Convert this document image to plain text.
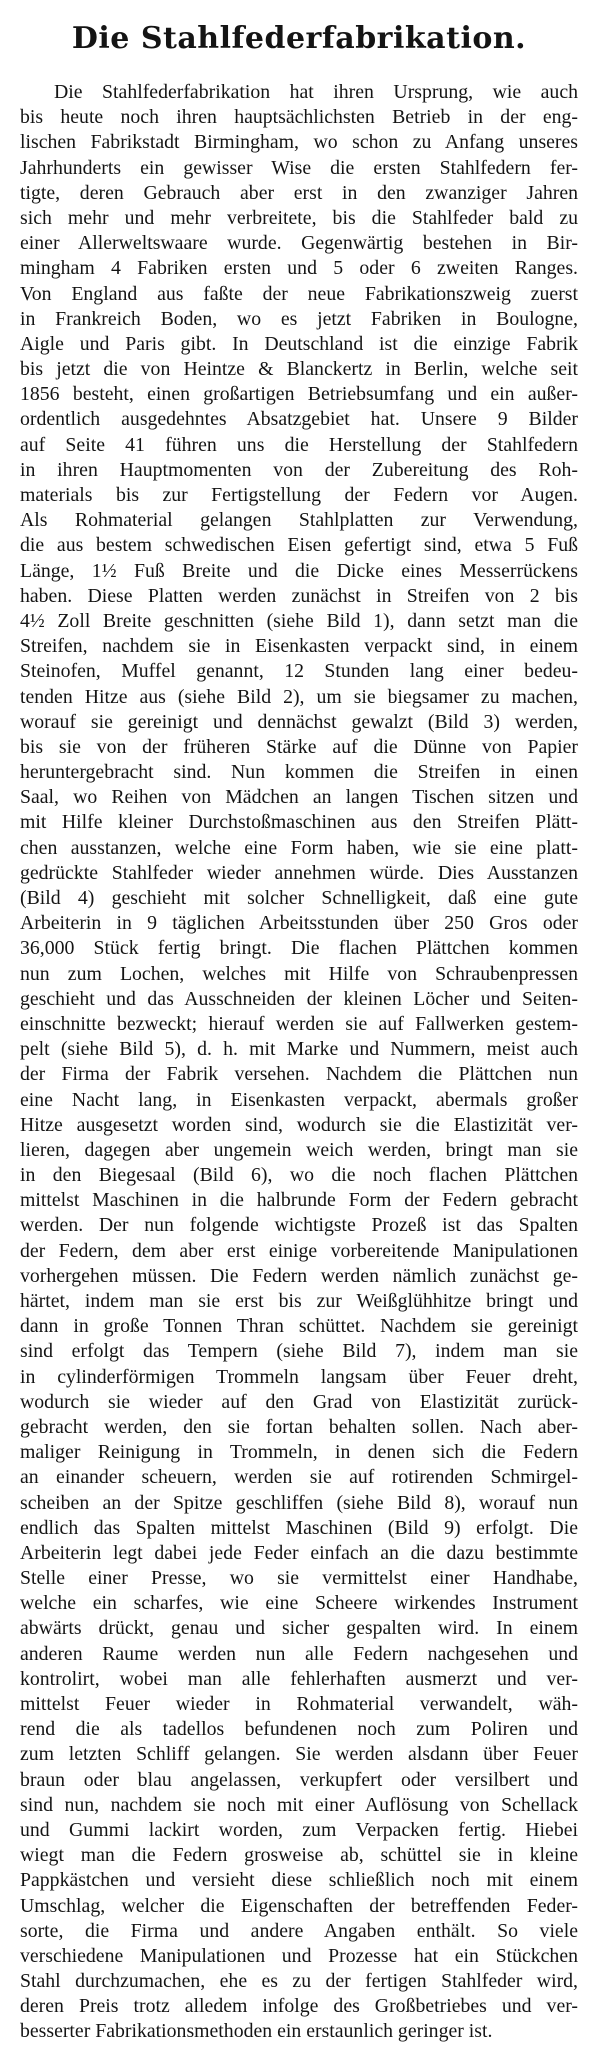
Die Stahlfederfabrikation.
Die Stahlfederfabrikation hat ihren Ursprung, wie auch
bis heute noch ihren hauptsächlichsten Betrieb in der eng-
lischen Fabrikstadt Birmingham, wo schon zu Anfang unseres
Jahrhunderts ein gewisser Wise die ersten Stahlfedern fer-
tigte, deren Gebrauch aber erst in den zwanziger Jahren
sich mehr und mehr verbreitete, bis die Stahlfeder bald zu
einer Allerweltswaare wurde. Gegenwärtig bestehen in Bir-
mingham 4 Fabriken ersten und 5 oder 6 zweiten Ranges.
Von England aus faßte der neue Fabrikationszweig zuerst
in Frankreich Boden, wo es jetzt Fabriken in Boulogne,
Aigle und Paris gibt. In Deutschland ist die einzige Fabrik
bis jetzt die von Heintze & Blanckertz in Berlin, welche seit
1856 besteht, einen großartigen Betriebsumfang und ein außer-
ordentlich ausgedehntes Absatzgebiet hat. Unsere 9 Bilder
auf Seite 41 führen uns die Herstellung der Stahlfedern
in ihren Hauptmomenten von der Zubereitung des Roh-
materials bis zur Fertigstellung der Federn vor Augen.
Als Rohmaterial gelangen Stahlplatten zur Verwendung,
die aus bestem schwedischen Eisen gefertigt sind, etwa 5 Fuß
Länge, 1½ Fuß Breite und die Dicke eines Messerrückens
haben. Diese Platten werden zunächst in Streifen von 2 bis
4½ Zoll Breite geschnitten (siehe Bild 1), dann setzt man die
Streifen, nachdem sie in Eisenkasten verpackt sind, in einem
Steinofen, Muffel genannt, 12 Stunden lang einer bedeu-
tenden Hitze aus (siehe Bild 2), um sie biegsamer zu machen,
worauf sie gereinigt und dennächst gewalzt (Bild 3) werden,
bis sie von der früheren Stärke auf die Dünne von Papier
heruntergebracht sind. Nun kommen die Streifen in einen
Saal, wo Reihen von Mädchen an langen Tischen sitzen und
mit Hilfe kleiner Durchstoßmaschinen aus den Streifen Plätt-
chen ausstanzen, welche eine Form haben, wie sie eine platt-
gedrückte Stahlfeder wieder annehmen würde. Dies Ausstanzen
(Bild 4) geschieht mit solcher Schnelligkeit, daß eine gute
Arbeiterin in 9 täglichen Arbeitsstunden über 250 Gros oder
36,000 Stück fertig bringt. Die flachen Plättchen kommen
nun zum Lochen, welches mit Hilfe von Schraubenpressen
geschieht und das Ausschneiden der kleinen Löcher und Seiten-
einschnitte bezweckt; hierauf werden sie auf Fallwerken gestem-
pelt (siehe Bild 5), d. h. mit Marke und Nummern, meist auch
der Firma der Fabrik versehen. Nachdem die Plättchen nun
eine Nacht lang, in Eisenkasten verpackt, abermals großer
Hitze ausgesetzt worden sind, wodurch sie die Elastizität ver-
lieren, dagegen aber ungemein weich werden, bringt man sie
in den Biegesaal (Bild 6), wo die noch flachen Plättchen
mittelst Maschinen in die halbrunde Form der Federn gebracht
werden. Der nun folgende wichtigste Prozeß ist das Spalten
der Federn, dem aber erst einige vorbereitende Manipulationen
vorhergehen müssen. Die Federn werden nämlich zunächst ge-
härtet, indem man sie erst bis zur Weißglühhitze bringt und
dann in große Tonnen Thran schüttet. Nachdem sie gereinigt
sind erfolgt das Tempern (siehe Bild 7), indem man sie
in cylinderförmigen Trommeln langsam über Feuer dreht,
wodurch sie wieder auf den Grad von Elastizität zurück-
gebracht werden, den sie fortan behalten sollen. Nach aber-
maliger Reinigung in Trommeln, in denen sich die Federn
an einander scheuern, werden sie auf rotirenden Schmirgel-
scheiben an der Spitze geschliffen (siehe Bild 8), worauf nun
endlich das Spalten mittelst Maschinen (Bild 9) erfolgt. Die
Arbeiterin legt dabei jede Feder einfach an die dazu bestimmte
Stelle einer Presse, wo sie vermittelst einer Handhabe,
welche ein scharfes, wie eine Scheere wirkendes Instrument
abwärts drückt, genau und sicher gespalten wird. In einem
anderen Raume werden nun alle Federn nachgesehen und
kontrolirt, wobei man alle fehlerhaften ausmerzt und ver-
mittelst Feuer wieder in Rohmaterial verwandelt, wäh-
rend die als tadellos befundenen noch zum Poliren und
zum letzten Schliff gelangen. Sie werden alsdann über Feuer
braun oder blau angelassen, verkupfert oder versilbert und
sind nun, nachdem sie noch mit einer Auflösung von Schellack
und Gummi lackirt worden, zum Verpacken fertig. Hiebei
wiegt man die Federn grosweise ab, schüttel sie in kleine
Pappkästchen und versieht diese schließlich noch mit einem
Umschlag, welcher die Eigenschaften der betreffenden Feder-
sorte, die Firma und andere Angaben enthält. So viele
verschiedene Manipulationen und Prozesse hat ein Stückchen
Stahl durchzumachen, ehe es zu der fertigen Stahlfeder wird,
deren Preis trotz alledem infolge des Großbetriebes und ver-
besserter Fabrikationsmethoden ein erstaunlich geringer ist.
